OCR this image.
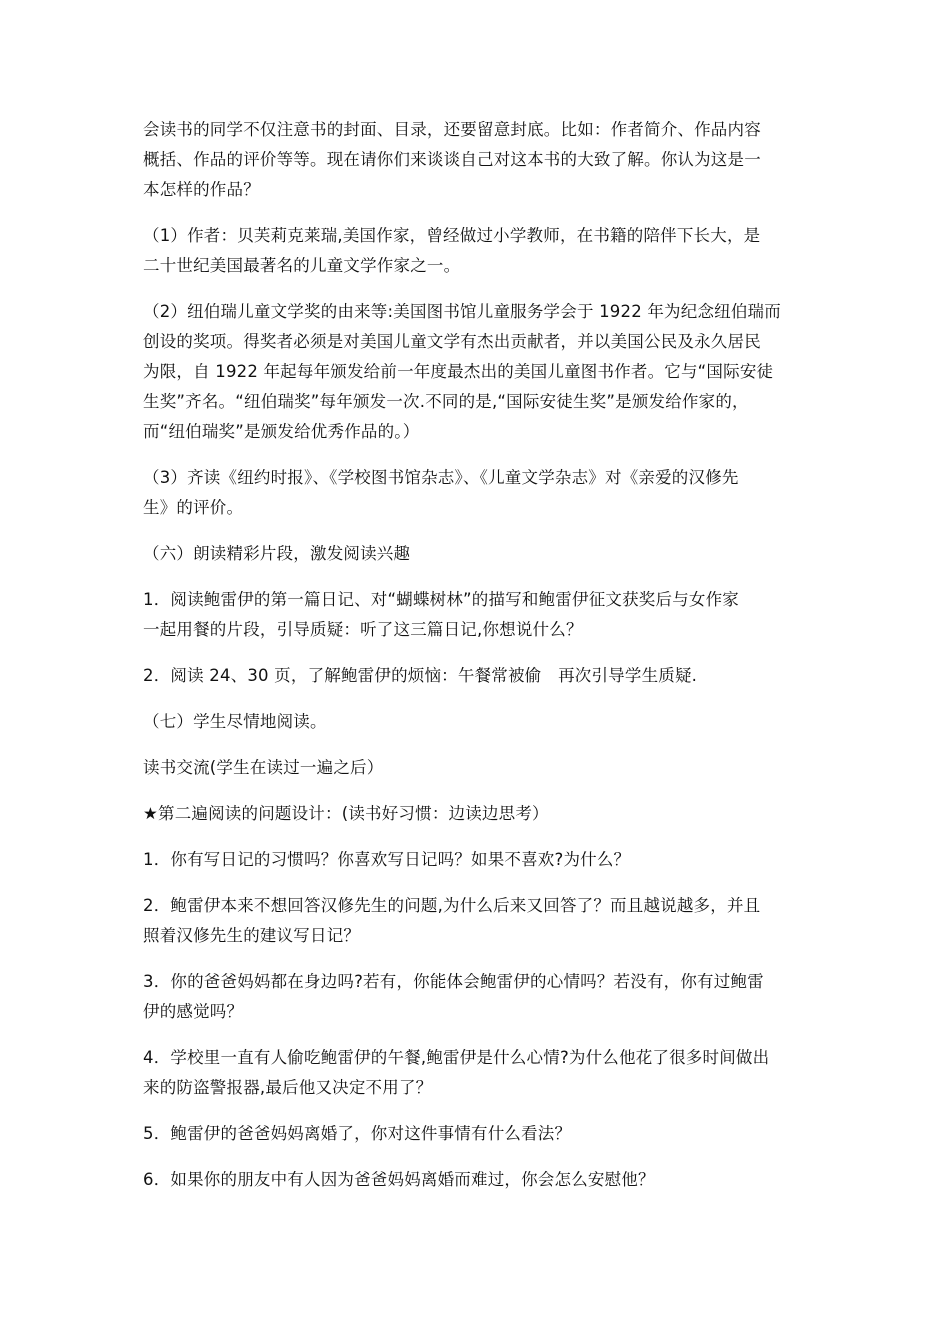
会读书的同学不仅注意书的封面、目录，还要留意封底。比如：作者简介、作品内容
概括、作品的评价等等。现在请你们来谈谈自己对这本书的大致了解。你认为这是一
本怎样的作品？

（1）作者：贝芙莉克莱瑞,美国作家，曾经做过小学教师，在书籍的陪伴下长大，是
二十世纪美国最著名的儿童文学作家之一。

（2）纽伯瑞儿童文学奖的由来等:美国图书馆儿童服务学会于 1922 年为纪念纽伯瑞而
创设的奖项。得奖者必须是对美国儿童文学有杰出贡献者，并以美国公民及永久居民
为限，自 1922 年起每年颁发给前一年度最杰出的美国儿童图书作者。它与“国际安徒
生奖”齐名。“纽伯瑞奖”每年颁发一次.不同的是,“国际安徒生奖”是颁发给作家的，
而“纽伯瑞奖”是颁发给优秀作品的。）

（3）齐读《纽约时报》、《学校图书馆杂志》、《儿童文学杂志》对《亲爱的汉修先
生》的评价。

（六）朗读精彩片段，激发阅读兴趣

1．阅读鲍雷伊的第一篇日记、对“蝴蝶树林”的描写和鲍雷伊征文获奖后与女作家
一起用餐的片段，引导质疑：听了这三篇日记,你想说什么？

2．阅读 24、30 页，了解鲍雷伊的烦恼：午餐常被偷　再次引导学生质疑.

（七）学生尽情地阅读。

读书交流(学生在读过一遍之后）

★第二遍阅读的问题设计：(读书好习惯：边读边思考）

1．你有写日记的习惯吗？你喜欢写日记吗？如果不喜欢?为什么？

2．鲍雷伊本来不想回答汉修先生的问题,为什么后来又回答了？而且越说越多，并且
照着汉修先生的建议写日记？

3．你的爸爸妈妈都在身边吗?若有，你能体会鲍雷伊的心情吗？若没有，你有过鲍雷
伊的感觉吗？

4．学校里一直有人偷吃鲍雷伊的午餐,鲍雷伊是什么心情?为什么他花了很多时间做出
来的防盗警报器,最后他又决定不用了？

5．鲍雷伊的爸爸妈妈离婚了，你对这件事情有什么看法？

6．如果你的朋友中有人因为爸爸妈妈离婚而难过，你会怎么安慰他？
